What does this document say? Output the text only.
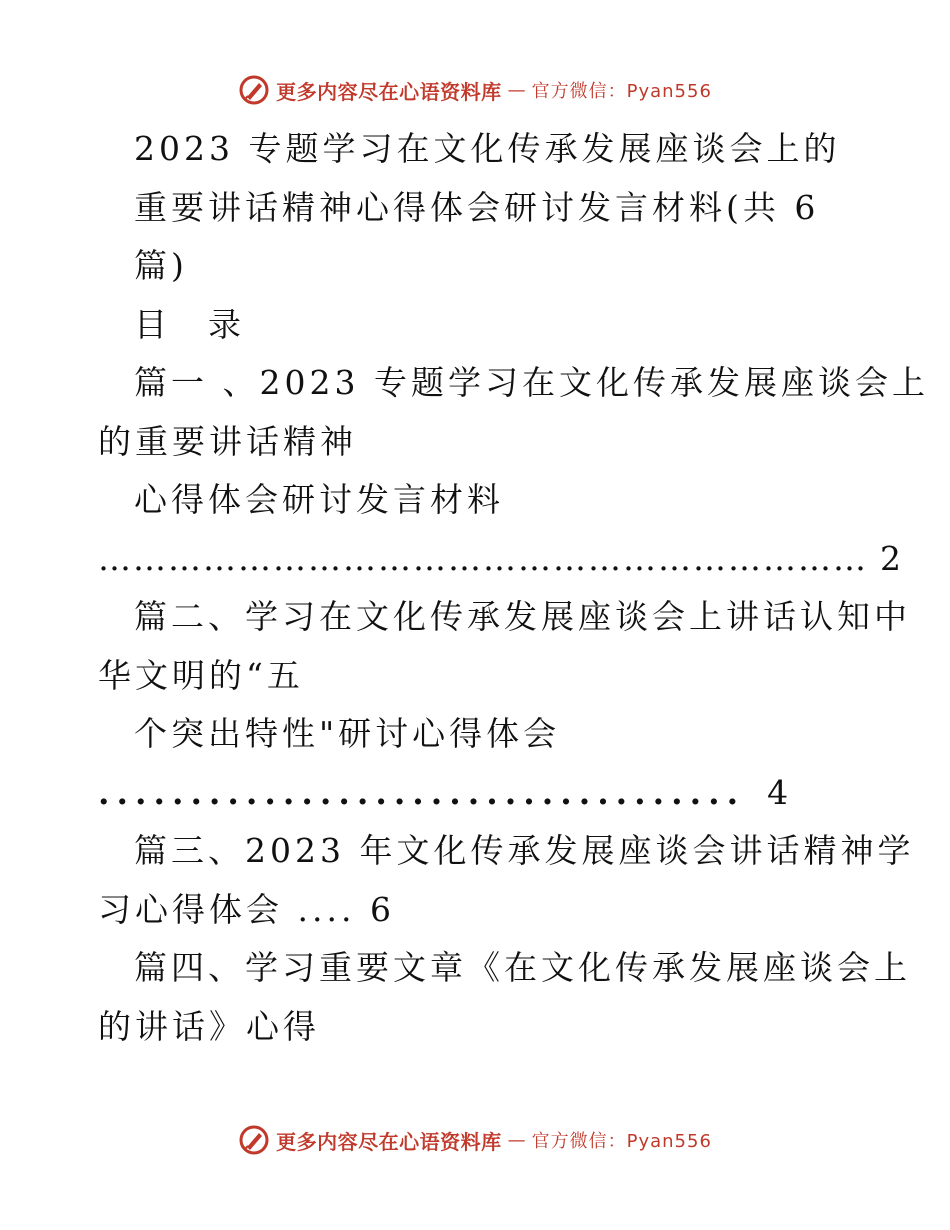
更多内容尽在心语资料库 — 官方微信：Pyan556
2023 专题学习在文化传承发展座谈会上的
重要讲话精神心得体会研讨发言材料(共 6
篇)
目　录
篇一 、2023 专题学习在文化传承发展座谈会上
的重要讲话精神
心得体会研讨发言材料
………………………………………………………… 2
篇二、学习在文化传承发展座谈会上讲话认知中
华文明的“五
个突出特性"研讨心得体会
................................... 4
篇三、2023 年文化传承发展座谈会讲话精神学
习心得体会 .... 6
篇四、学习重要文章《在文化传承发展座谈会上
的讲话》心得
更多内容尽在心语资料库 — 官方微信：Pyan556
